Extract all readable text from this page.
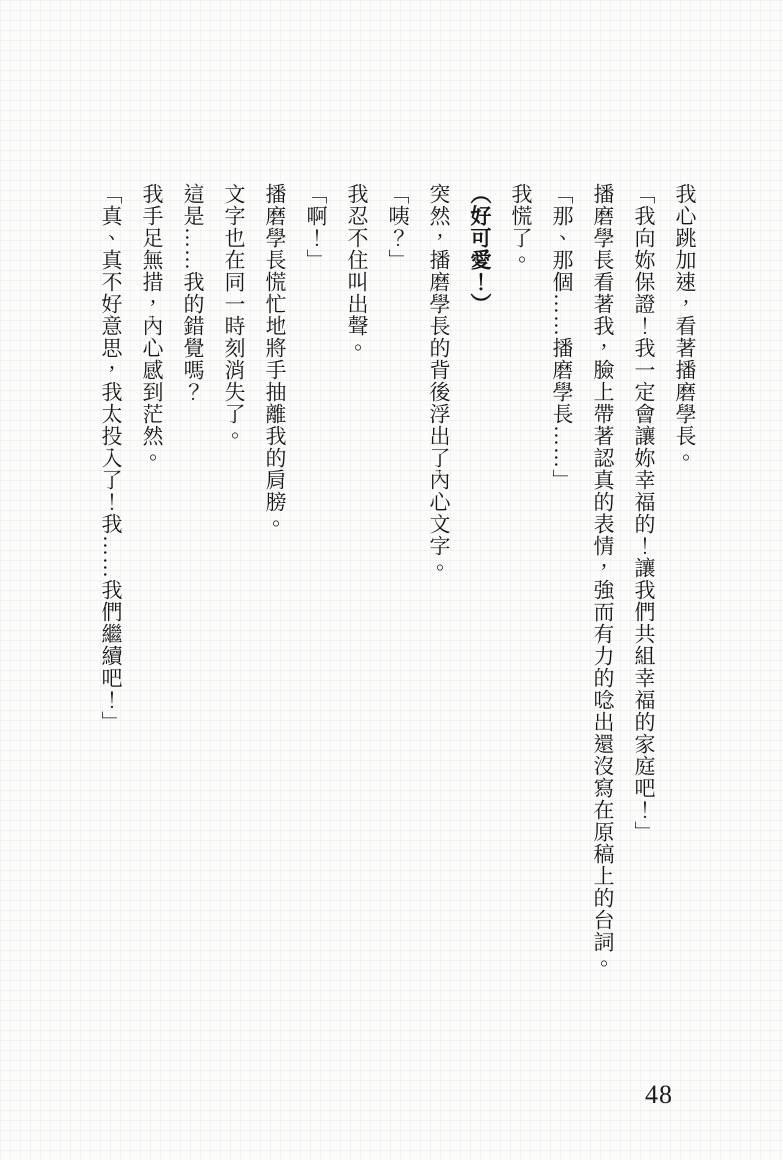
我心跳加速，看著播磨學長。

「我向妳保證！我一定會讓妳幸福的！讓我們共組幸福的家庭吧！」

播磨學長看著我，臉上帶著認真的表情，強而有力的唸出還沒寫在原稿上的台詞。

「那、那個……播磨學長……」

我慌了。

（好可愛！）

突然，播磨學長的背後浮出了內心文字。

「咦？」

我忍不住叫出聲。

「啊！」

播磨學長慌忙地將手抽離我的肩膀。

文字也在同一時刻消失了。

這是……我的錯覺嗎？

我手足無措，內心感到茫然。

「真、真不好意思，我太投入了！我……我們繼續吧！」

48
